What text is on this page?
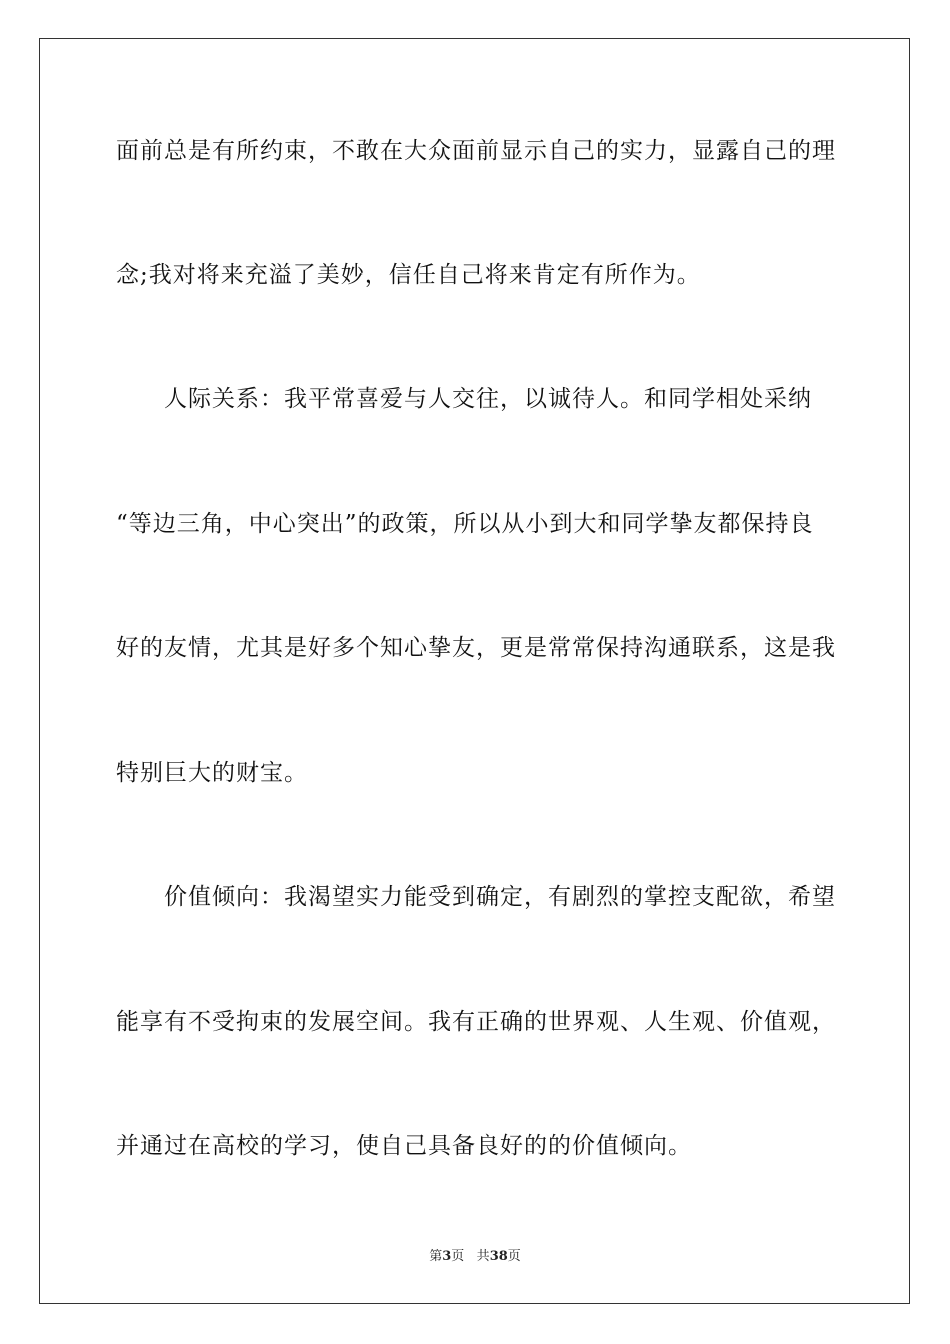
面前总是有所约束，不敢在大众面前显示自己的实力，显露自己的理
念;我对将来充溢了美妙，信任自己将来肯定有所作为。
人际关系：我平常喜爱与人交往，以诚待人。和同学相处采纳
“等边三角，中心突出”的政策，所以从小到大和同学挚友都保持良
好的友情，尤其是好多个知心挚友，更是常常保持沟通联系，这是我
特别巨大的财宝。
价值倾向：我渴望实力能受到确定，有剧烈的掌控支配欲，希望
能享有不受拘束的发展空间。我有正确的世界观、人生观、价值观，
并通过在高校的学习，使自己具备良好的的价值倾向。
第3页 共38页
